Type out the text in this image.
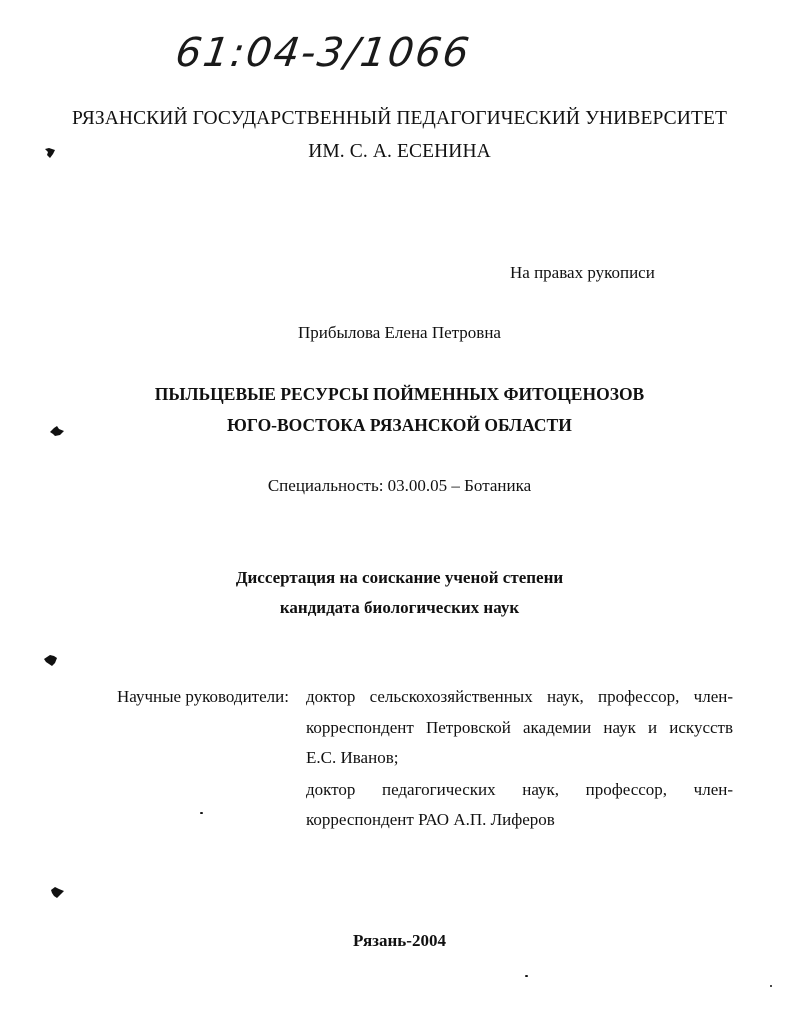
61:04-3/1066
РЯЗАНСКИЙ ГОСУДАРСТВЕННЫЙ ПЕДАГОГИЧЕСКИЙ УНИВЕРСИТЕТ
ИМ. С. А. ЕСЕНИНА
На правах рукописи
Прибылова Елена Петровна
ПЫЛЬЦЕВЫЕ РЕСУРСЫ ПОЙМЕННЫХ ФИТОЦЕНОЗОВ
ЮГО-ВОСТОКА РЯЗАНСКОЙ ОБЛАСТИ
Специальность: 03.00.05 – Ботаника
Диссертация на соискание ученой степени
кандидата биологических наук
Научные руководители: доктор сельскохозяйственных наук, профессор, член-
корреспондент Петровской академии наук и искусств
Е.С. Иванов;
доктор педагогических наук, профессор, член-
корреспондент РАО А.П. Лиферов
Рязань-2004
